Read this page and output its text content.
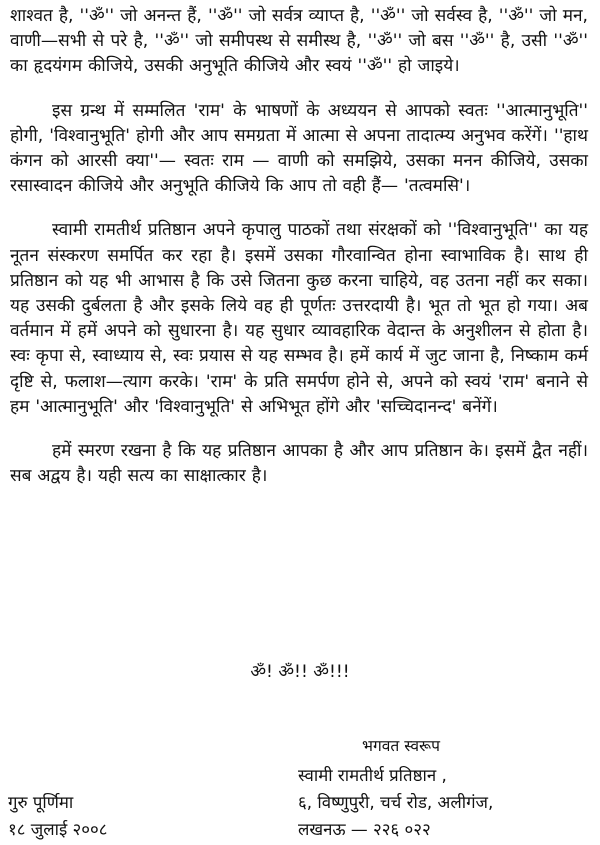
शाश्वत है, ''ॐ'' जो अनन्त हैं, ''ॐ'' जो सर्वत्र व्याप्त है, ''ॐ'' जो सर्वस्व है, ''ॐ'' जो मन, वाणी—सभी से परे है, ''ॐ'' जो समीपस्थ से समीस्थ है, ''ॐ'' जो बस ''ॐ'' है, उसी ''ॐ'' का हृदयंगम कीजिये, उसकी अनुभूति कीजिये और स्वयं ''ॐ'' हो जाइये।

इस ग्रन्थ में सम्मलित 'राम' के भाषणों के अध्ययन से आपको स्वतः ''आत्मानुभूति'' होगी, 'विश्वानुभूति' होगी और आप समग्रता में आत्मा से अपना तादात्म्य अनुभव करेंगें। ''हाथ कंगन को आरसी क्या''— स्वतः राम — वाणी को समझिये, उसका मनन कीजिये, उसका रसास्वादन कीजिये और अनुभूति कीजिये कि आप तो वही हैं— 'तत्वमसि'।

स्वामी रामतीर्थ प्रतिष्ठान अपने कृपालु पाठकों तथा संरक्षकों को ''विश्वानुभूति'' का यह नूतन संस्करण समर्पित कर रहा है। इसमें उसका गौरवान्वित होना स्वाभाविक है। साथ ही प्रतिष्ठान को यह भी आभास है कि उसे जितना कुछ करना चाहिये, वह उतना नहीं कर सका। यह उसकी दुर्बलता है और इसके लिये वह ही पूर्णतः उत्तरदायी है। भूत तो भूत हो गया। अब वर्तमान में हमें अपने को सुधारना है। यह सुधार व्यावहारिक वेदान्त के अनुशीलन से होता है। स्वः कृपा से, स्वाध्याय से, स्वः प्रयास से यह सम्भव है। हमें कार्य में जुट जाना है, निष्काम कर्म दृष्टि से, फलाश—त्याग करके। 'राम' के प्रति समर्पण होने से, अपने को स्वयं 'राम' बनाने से हम 'आत्मानुभूति' और 'विश्वानुभूति' से अभिभूत होंगे और 'सच्चिदानन्द' बनेंगें।

हमें स्मरण रखना है कि यह प्रतिष्ठान आपका है और आप प्रतिष्ठान के। इसमें द्वैत नहीं। सब अद्वय है। यही सत्य का साक्षात्कार है।

ॐ! ॐ!! ॐ!!!
भगवत स्वरूप
स्वामी रामतीर्थ प्रतिष्ठान ,
६, विष्णुपुरी, चर्च रोड, अलीगंज,
लखनऊ — २२६ ०२२
गुरु पूर्णिमा
१८ जुलाई २००८
